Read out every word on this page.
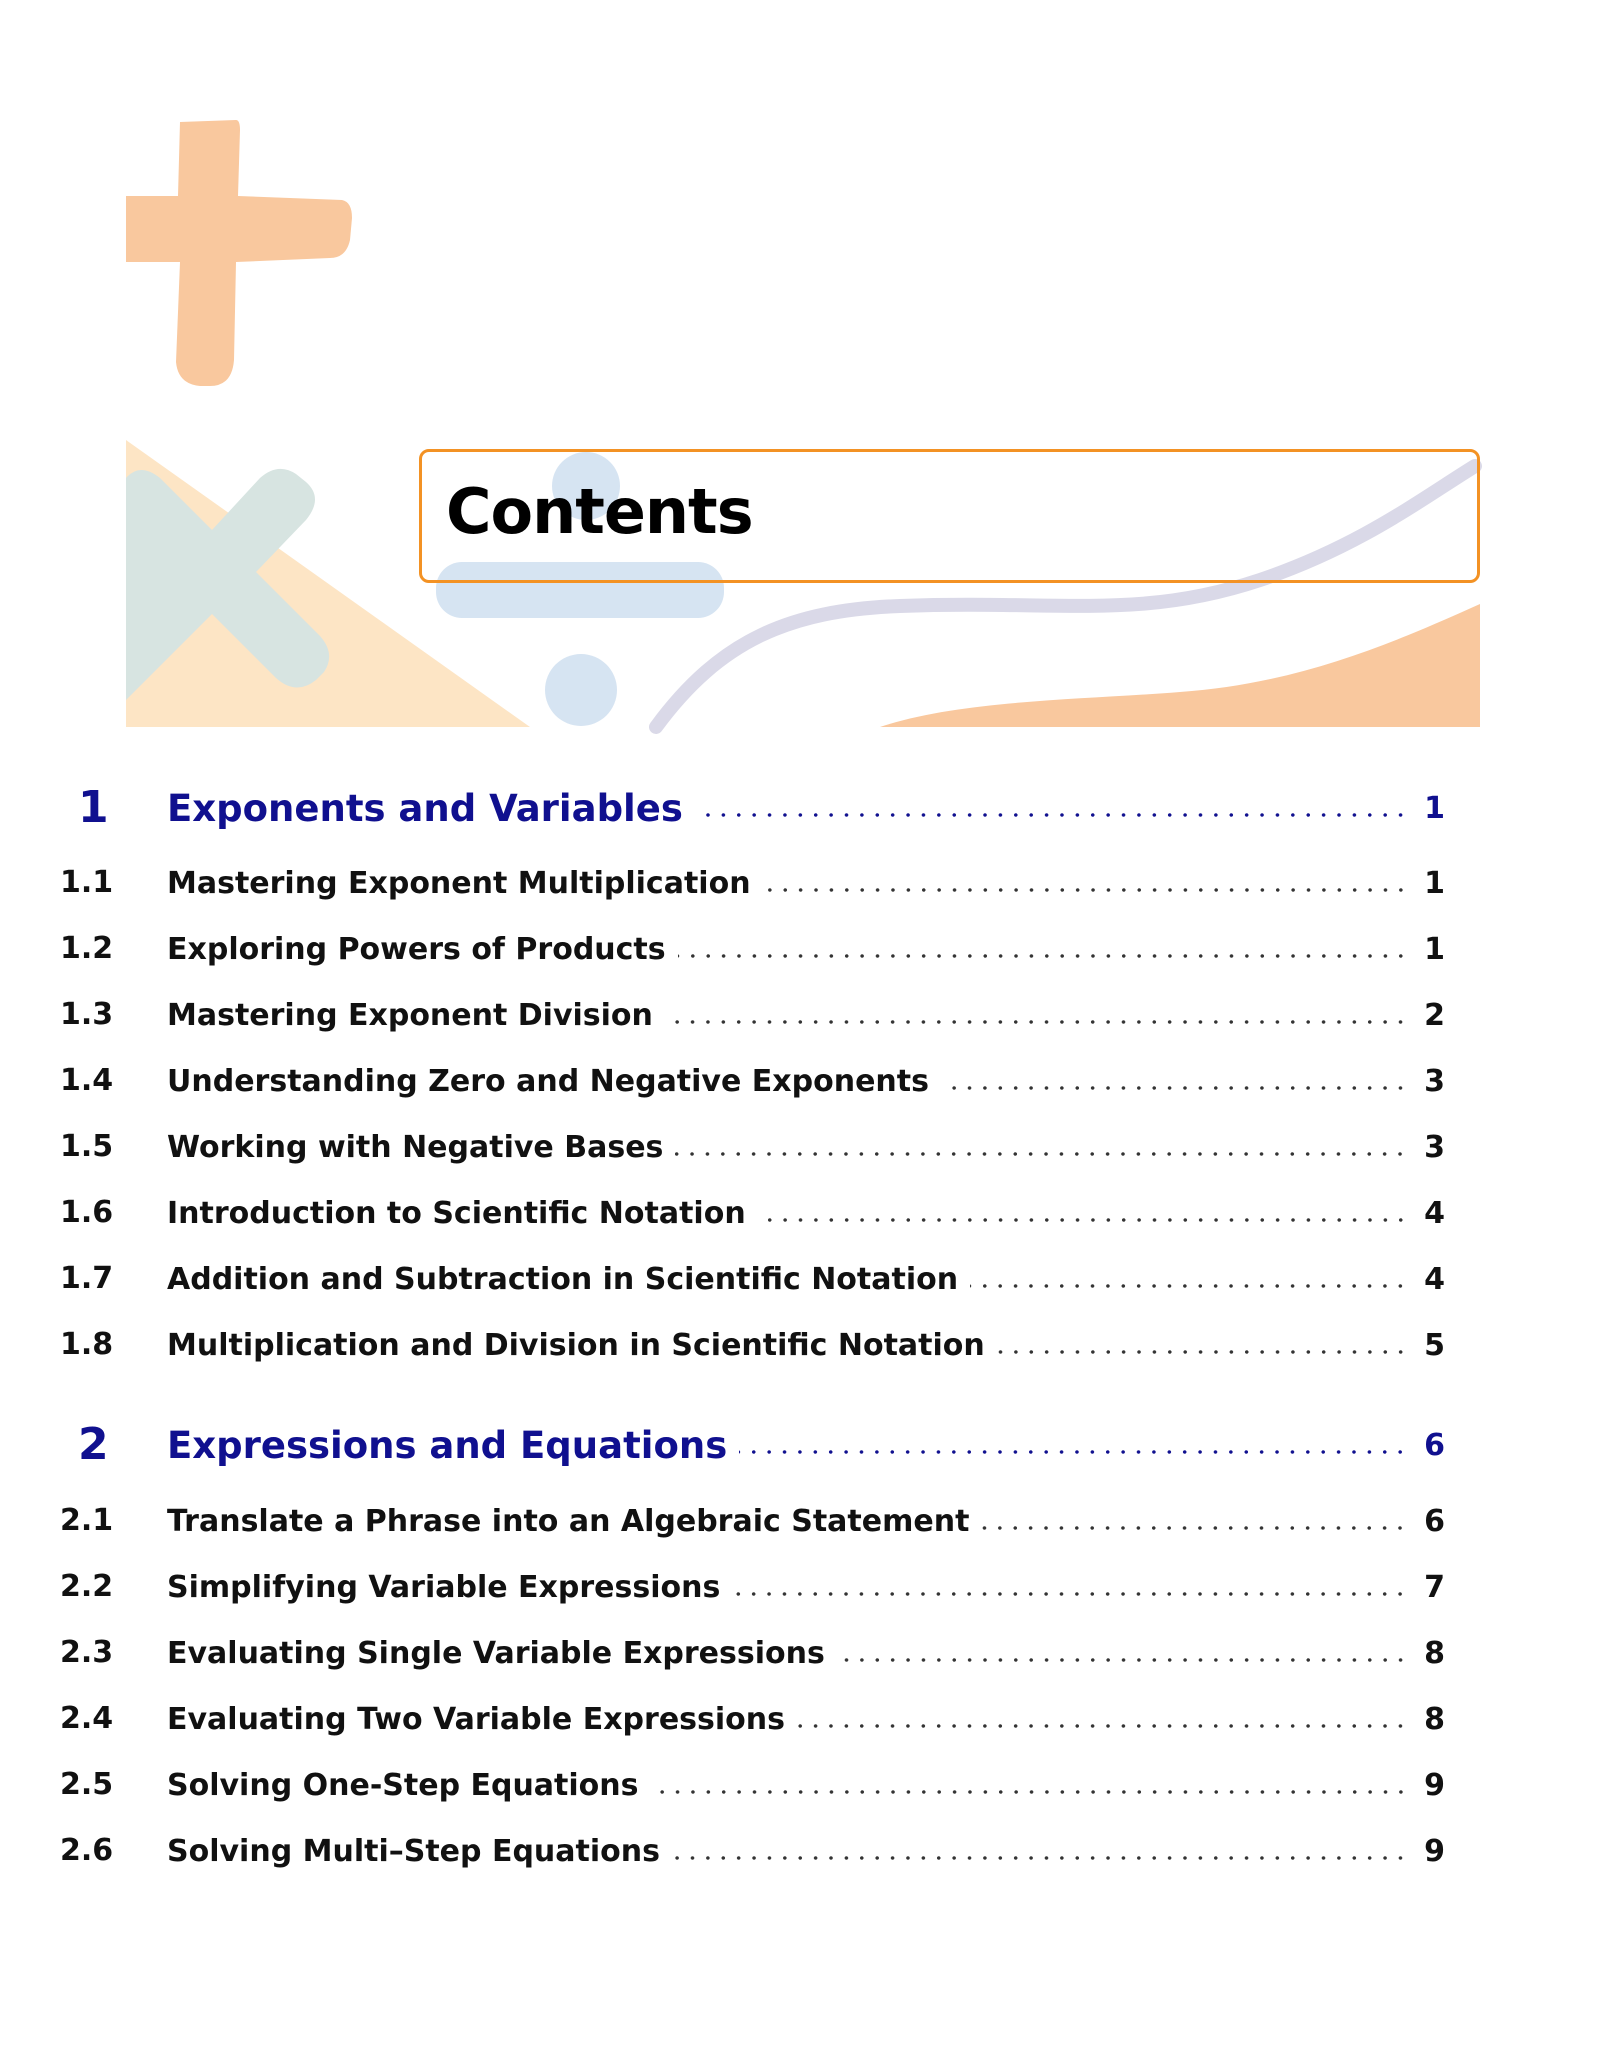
Contents
1	Exponents and Variables	1
1.1	Mastering Exponent Multiplication	1
1.2	Exploring Powers of Products	1
1.3	Mastering Exponent Division	2
1.4	Understanding Zero and Negative Exponents	3
1.5	Working with Negative Bases	3
1.6	Introduction to Scientific Notation	4
1.7	Addition and Subtraction in Scientific Notation	4
1.8	Multiplication and Division in Scientific Notation	5
2	Expressions and Equations	6
2.1	Translate a Phrase into an Algebraic Statement	6
2.2	Simplifying Variable Expressions	7
2.3	Evaluating Single Variable Expressions	8
2.4	Evaluating Two Variable Expressions	8
2.5	Solving One-Step Equations	9
2.6	Solving Multi–Step Equations	9
